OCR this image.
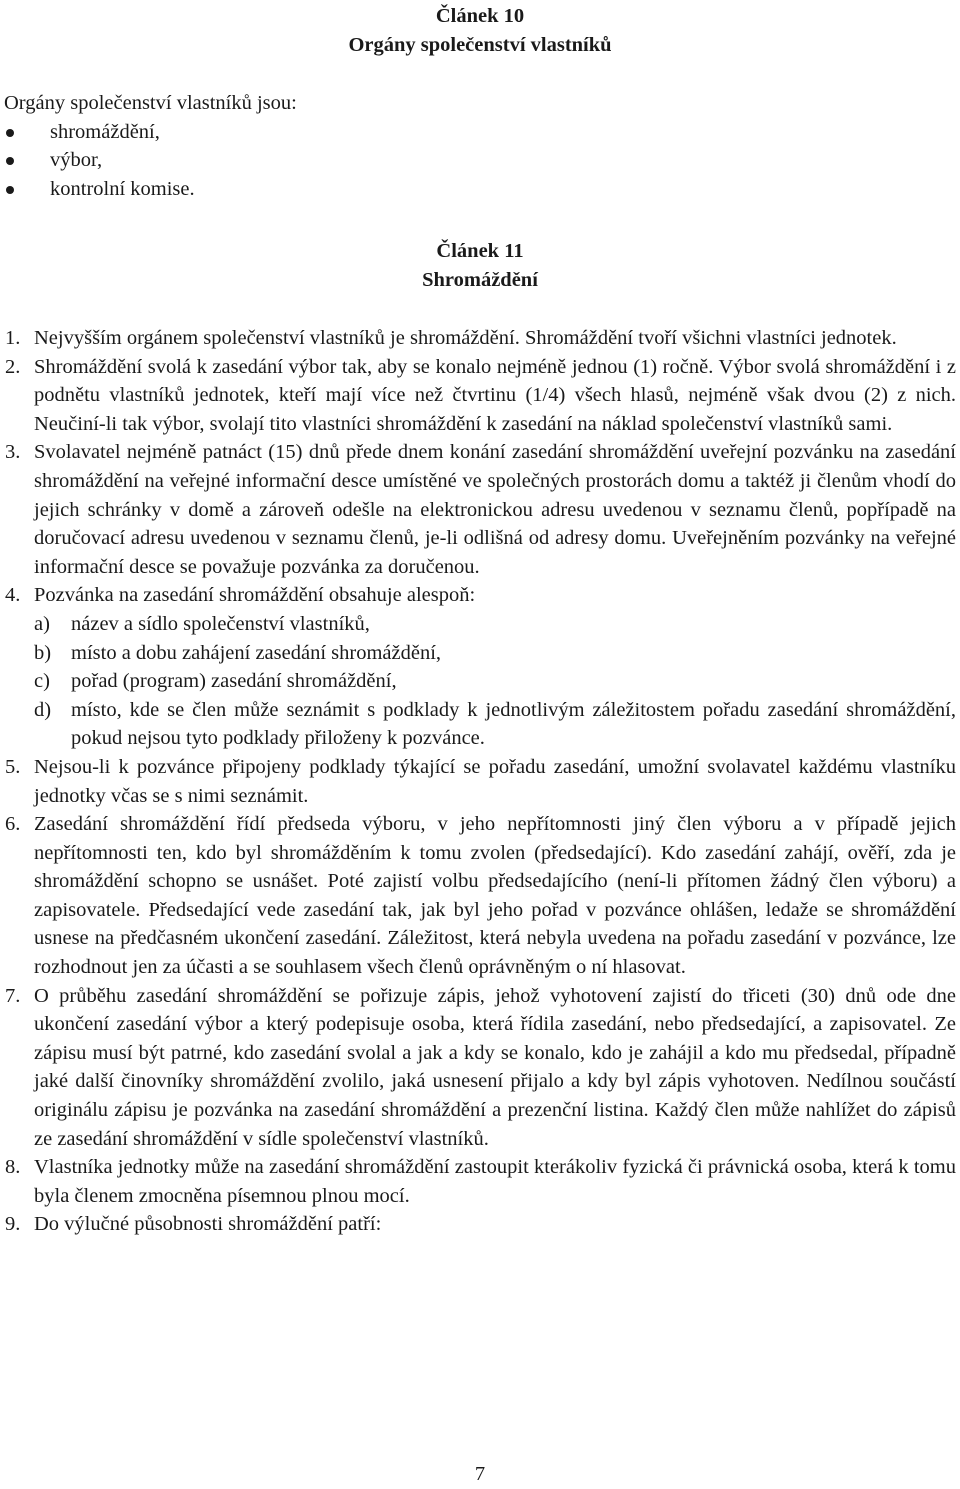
Článek 10
Orgány společenství vlastníků
Orgány společenství vlastníků jsou:
shromáždění,
výbor,
kontrolní komise.
Článek 11
Shromáždění
1. Nejvyšším orgánem společenství vlastníků je shromáždění. Shromáždění tvoří všichni vlastníci jednotek.
2. Shromáždění svolá k zasedání výbor tak, aby se konalo nejméně jednou (1) ročně. Výbor svolá shromáždění i z podnětu vlastníků jednotek, kteří mají více než čtvrtinu (1/4) všech hlasů, nejméně však dvou (2) z nich. Neučiní-li tak výbor, svolají tito vlastníci shromáždění k zasedání na náklad společenství vlastníků sami.
3. Svolavatel nejméně patnáct (15) dnů přede dnem konání zasedání shromáždění uveřejní pozvánku na zasedání shromáždění na veřejné informační desce umístěné ve společných prostorách domu a taktéž ji členům vhodí do jejich schránky v domě a zároveň odešle na elektronickou adresu uvedenou v seznamu členů, popřípadě na doručovací adresu uvedenou v seznamu členů, je-li odlišná od adresy domu. Uveřejněním pozvánky na veřejné informační desce se považuje pozvánka za doručenou.
4. Pozvánka na zasedání shromáždění obsahuje alespoň:
a) název a sídlo společenství vlastníků,
b) místo a dobu zahájení zasedání shromáždění,
c) pořad (program) zasedání shromáždění,
d) místo, kde se člen může seznámit s podklady k jednotlivým záležitostem pořadu zasedání shromáždění, pokud nejsou tyto podklady přiloženy k pozvánce.
5. Nejsou-li k pozvánce připojeny podklady týkající se pořadu zasedání, umožní svolavatel každému vlastníku jednotky včas se s nimi seznámit.
6. Zasedání shromáždění řídí předseda výboru, v jeho nepřítomnosti jiný člen výboru a v případě jejich nepřítomnosti ten, kdo byl shromážděním k tomu zvolen (předsedající). Kdo zasedání zahájí, ověří, zda je shromáždění schopno se usnášet. Poté zajistí volbu předsedajícího (není-li přítomen žádný člen výboru) a zapisovatele. Předsedající vede zasedání tak, jak byl jeho pořad v pozvánce ohlášen, ledaže se shromáždění usnese na předčasném ukončení zasedání. Záležitost, která nebyla uvedena na pořadu zasedání v pozvánce, lze rozhodnout jen za účasti a se souhlasem všech členů oprávněným o ní hlasovat.
7. O průběhu zasedání shromáždění se pořizuje zápis, jehož vyhotovení zajistí do třiceti (30) dnů ode dne ukončení zasedání výbor a který podepisuje osoba, která řídila zasedání, nebo předsedající, a zapisovatel. Ze zápisu musí být patrné, kdo zasedání svolal a jak a kdy se konalo, kdo je zahájil a kdo mu předsedal, případně jaké další činovníky shromáždění zvolilo, jaká usnesení přijalo a kdy byl zápis vyhotoven. Nedílnou součástí originálu zápisu je pozvánka na zasedání shromáždění a prezenční listina. Každý člen může nahlížet do zápisů ze zasedání shromáždění v sídle společenství vlastníků.
8. Vlastníka jednotky může na zasedání shromáždění zastoupit kterákoliv fyzická či právnická osoba, která k tomu byla členem zmocněna písemnou plnou mocí.
9. Do výlučné působnosti shromáždění patří:
7
